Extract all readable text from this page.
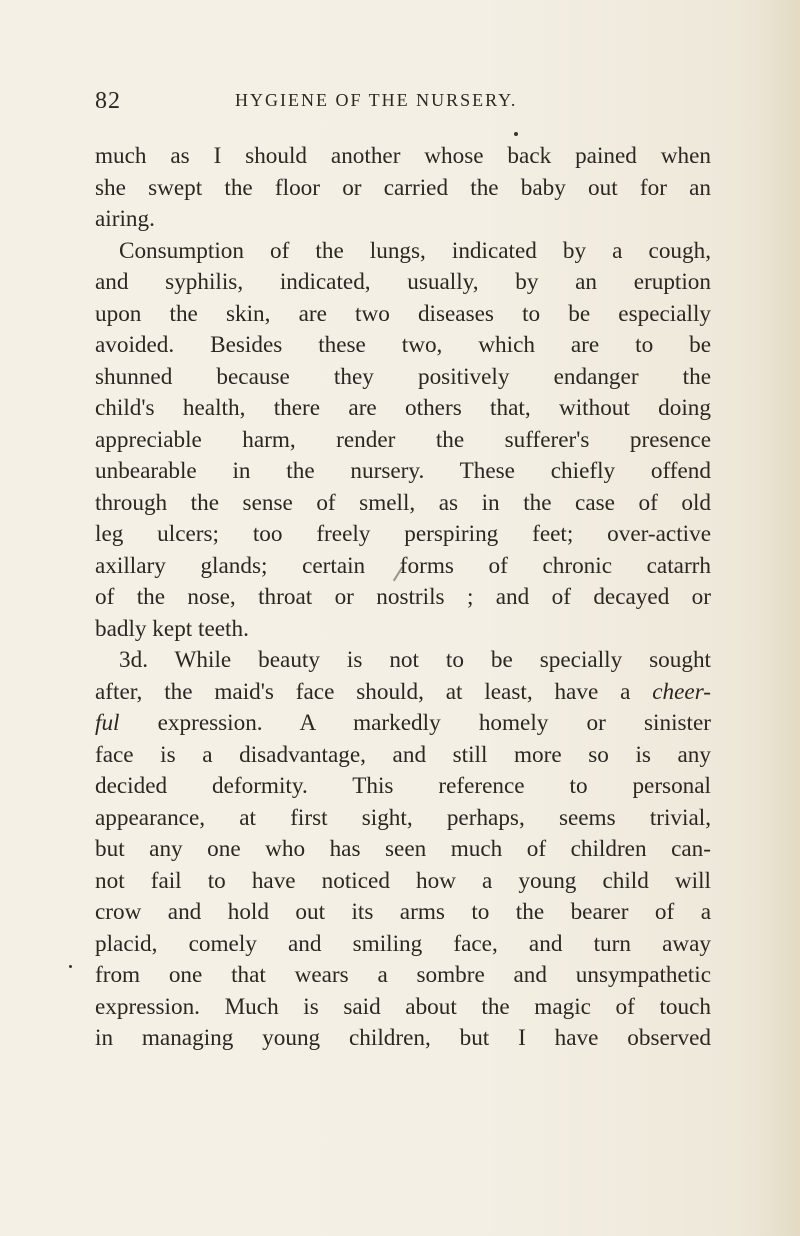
82	HYGIENE OF THE NURSERY.
much as I should another whose back pained when
she swept the floor or carried the baby out for an
airing.
Consumption of the lungs, indicated by a cough,
and syphilis, indicated, usually, by an eruption
upon the skin, are two diseases to be especially
avoided. Besides these two, which are to be
shunned because they positively endanger the
child's health, there are others that, without doing
appreciable harm, render the sufferer's presence
unbearable in the nursery. These chiefly offend
through the sense of smell, as in the case of old
leg ulcers; too freely perspiring feet; over-active
axillary glands; certain forms of chronic catarrh
of the nose, throat or nostrils ; and of decayed or
badly kept teeth.
3d. While beauty is not to be specially sought
after, the maid's face should, at least, have a cheer-
ful expression. A markedly homely or sinister
face is a disadvantage, and still more so is any
decided deformity. This reference to personal
appearance, at first sight, perhaps, seems trivial,
but any one who has seen much of children can-
not fail to have noticed how a young child will
crow and hold out its arms to the bearer of a
placid, comely and smiling face, and turn away
from one that wears a sombre and unsympathetic
expression. Much is said about the magic of touch
in managing young children, but I have observed
